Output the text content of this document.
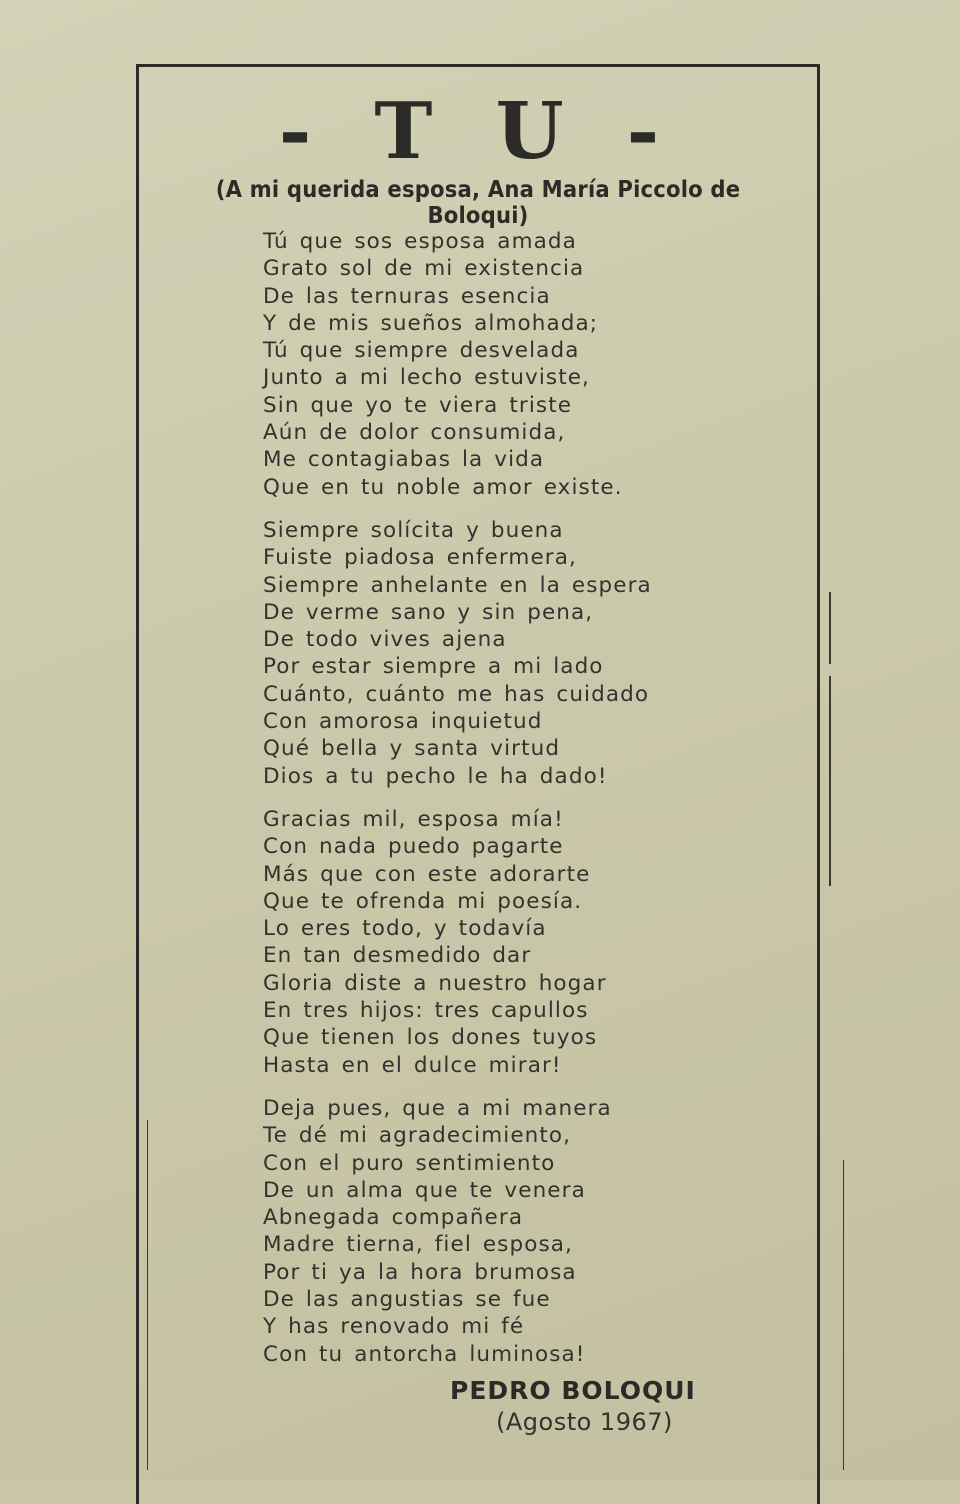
- T U -
(A mi querida esposa, Ana María Piccolo de Boloqui)
Tú que sos esposa amada
Grato sol de mi existencia
De las ternuras esencia
Y de mis sueños almohada;
Tú que siempre desvelada
Junto a mi lecho estuviste,
Sin que yo te viera triste
Aún de dolor consumida,
Me contagiabas la vida
Que en tu noble amor existe.
Siempre solícita y buena
Fuiste piadosa enfermera,
Siempre anhelante en la espera
De verme sano y sin pena,
De todo vives ajena
Por estar siempre a mi lado
Cuánto, cuánto me has cuidado
Con amorosa inquietud
Qué bella y santa virtud
Dios a tu pecho le ha dado!
Gracias mil, esposa mía!
Con nada puedo pagarte
Más que con este adorarte
Que te ofrenda mi poesía.
Lo eres todo, y todavía
En tan desmedido dar
Gloria diste a nuestro hogar
En tres hijos: tres capullos
Que tienen los dones tuyos
Hasta en el dulce mirar!
Deja pues, que a mi manera
Te dé mi agradecimiento,
Con el puro sentimiento
De un alma que te venera
Abnegada compañera
Madre tierna, fiel esposa,
Por ti ya la hora brumosa
De las angustias se fue
Y has renovado mi fé
Con tu antorcha luminosa!
PEDRO BOLOQUI
(Agosto 1967)
